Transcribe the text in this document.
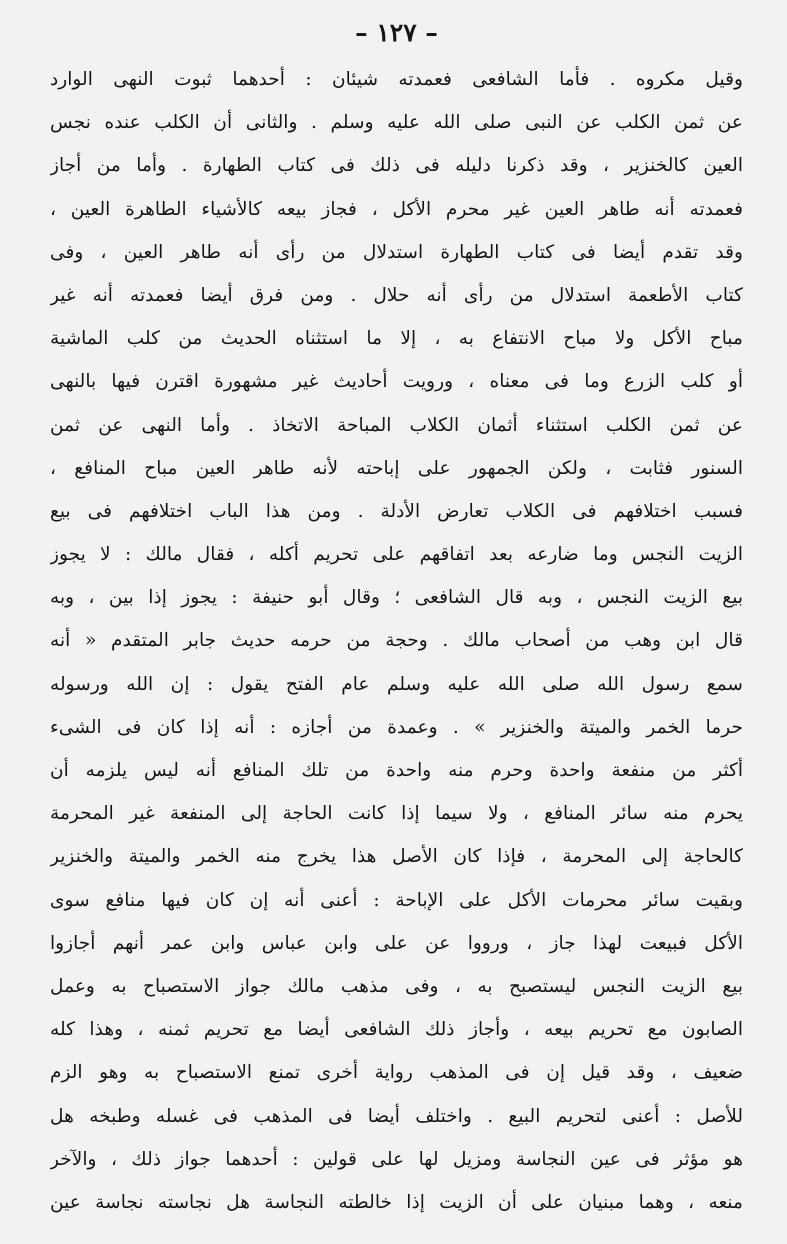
– ١٢٧ –
وقيل مكروه . فأما الشافعى فعمدته شيئان : أحدهما ثبوت النهى الوارد
عن ثمن الكلب عن النبى صلى الله عليه وسلم . والثانى أن الكلب عنده نجس
العين كالخنزير ، وقد ذكرنا دليله فى ذلك فى كتاب الطهارة . وأما من أجاز
فعمدته أنه طاهر العين غير محرم الأكل ، فجاز بيعه كالأشياء الطاهرة العين ،
وقد تقدم أيضا فى كتاب الطهارة استدلال من رأى أنه طاهر العين ، وفى
كتاب الأطعمة استدلال من رأى أنه حلال . ومن فرق أيضا فعمدته أنه غير
مباح الأكل ولا مباح الانتفاع به ، إلا ما استثناه الحديث من كلب الماشية
أو كلب الزرع وما فى معناه ، ورويت أحاديث غير مشهورة اقترن فيها بالنهى
عن ثمن الكلب استثناء أثمان الكلاب المباحة الاتخاذ . وأما النهى عن ثمن
السنور فثابت ، ولكن الجمهور على إباحته لأنه طاهر العين مباح المنافع ،
فسبب اختلافهم فى الكلاب تعارض الأدلة . ومن هذا الباب اختلافهم فى بيع
الزيت النجس وما ضارعه بعد اتفاقهم على تحريم أكله ، فقال مالك : لا يجوز
بيع الزيت النجس ، وبه قال الشافعى ؛ وقال أبو حنيفة : يجوز إذا بين ، وبه
قال ابن وهب من أصحاب مالك . وحجة من حرمه حديث جابر المتقدم « أنه
سمع رسول الله صلى الله عليه وسلم عام الفتح يقول : إن الله ورسوله
حرما الخمر والميتة والخنزير » . وعمدة من أجازه : أنه إذا كان فى الشىء
أكثر من منفعة واحدة وحرم منه واحدة من تلك المنافع أنه ليس يلزمه أن
يحرم منه سائر المنافع ، ولا سيما إذا كانت الحاجة إلى المنفعة غير المحرمة
كالحاجة إلى المحرمة ، فإذا كان الأصل هذا يخرج منه الخمر والميتة والخنزير
وبقيت سائر محرمات الأكل على الإباحة : أعنى أنه إن كان فيها منافع سوى
الأكل فبيعت لهذا جاز ، ورووا عن على وابن عباس وابن عمر أنهم أجازوا
بيع الزيت النجس ليستصبح به ، وفى مذهب مالك جواز الاستصباح به وعمل
الصابون مع تحريم بيعه ، وأجاز ذلك الشافعى أيضا مع تحريم ثمنه ، وهذا كله
ضعيف ، وقد قيل إن فى المذهب رواية أخرى تمنع الاستصباح به وهو الزم
للأصل : أعنى لتحريم البيع . واختلف أيضا فى المذهب فى غسله وطبخه هل
هو مؤثر فى عين النجاسة ومزيل لها على قولين : أحدهما جواز ذلك ، والآخر
منعه ، وهما مبنيان على أن الزيت إذا خالطته النجاسة هل نجاسته نجاسة عين
